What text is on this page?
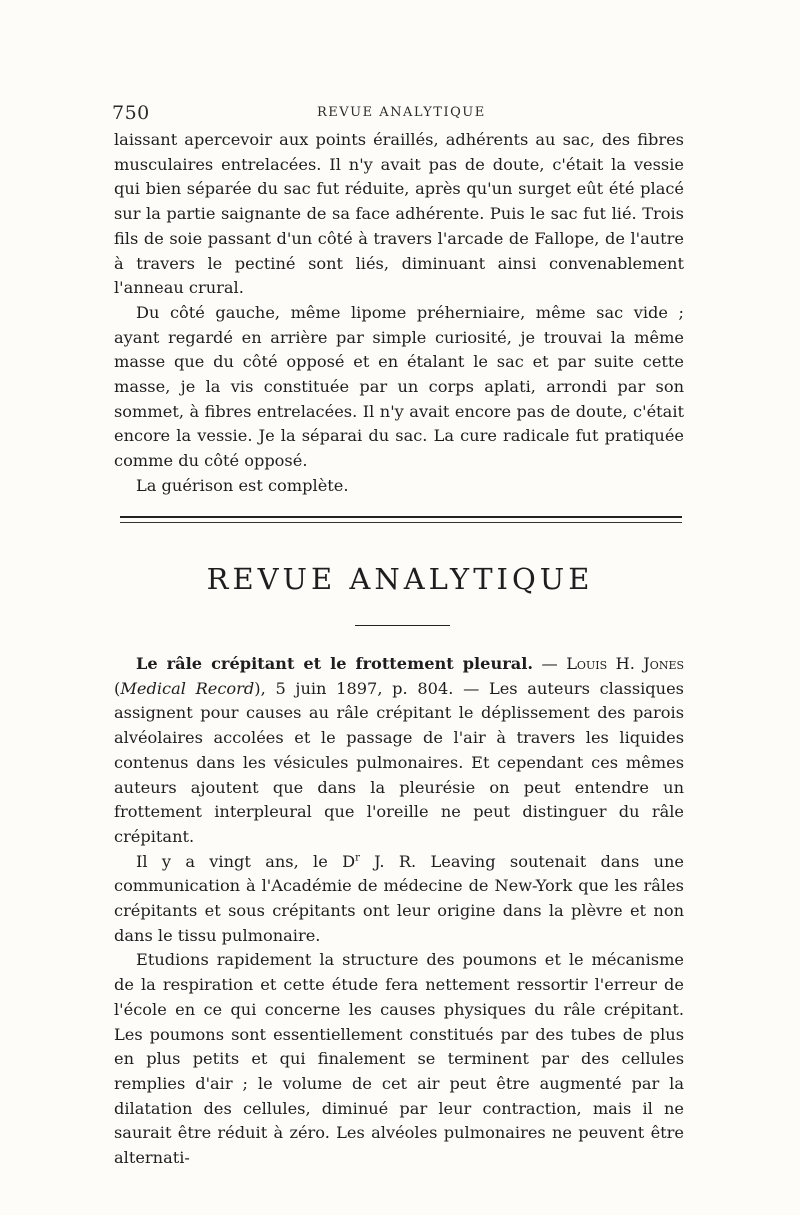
750	REVUE ANALYTIQUE

laissant apercevoir aux points éraillés, adhérents au sac, des fibres musculaires entrelacées. Il n'y avait pas de doute, c'était la vessie qui bien séparée du sac fut réduite, après qu'un surget eût été placé sur la partie saignante de sa face adhérente. Puis le sac fut lié. Trois fils de soie passant d'un côté à travers l'arcade de Fallope, de l'autre à travers le pectiné sont liés, diminuant ainsi convenablement l'anneau crural.

Du côté gauche, même lipome préherniaire, même sac vide ; ayant regardé en arrière par simple curiosité, je trouvai la même masse que du côté opposé et en étalant le sac et par suite cette masse, je la vis constituée par un corps aplati, arrondi par son sommet, à fibres entrelacées. Il n'y avait encore pas de doute, c'était encore la vessie. Je la séparai du sac. La cure radicale fut pratiquée comme du côté opposé.

La guérison est complète.

REVUE ANALYTIQUE

Le râle crépitant et le frottement pleural. — Louis H. Jones (Medical Record), 5 juin 1897, p. 804. — Les auteurs classiques assignent pour causes au râle crépitant le déplissement des parois alvéolaires accolées et le passage de l'air à travers les liquides contenus dans les vésicules pulmonaires. Et cependant ces mêmes auteurs ajoutent que dans la pleurésie on peut entendre un frottement interpleural que l'oreille ne peut distinguer du râle crépitant.

Il y a vingt ans, le $D^r$ J. R. Leaving soutenait dans une communication à l'Académie de médecine de New-York que les râles crépitants et sous crépitants ont leur origine dans la plèvre et non dans le tissu pulmonaire.

Etudions rapidement la structure des poumons et le mécanisme de la respiration et cette étude fera nettement ressortir l'erreur de l'école en ce qui concerne les causes physiques du râle crépitant. Les poumons sont essentiellement constitués par des tubes de plus en plus petits et qui finalement se terminent par des cellules remplies d'air ; le volume de cet air peut être augmenté par la dilatation des cellules, diminué par leur contraction, mais il ne saurait être réduit à zéro. Les alvéoles pulmonaires ne peuvent être alternati-
